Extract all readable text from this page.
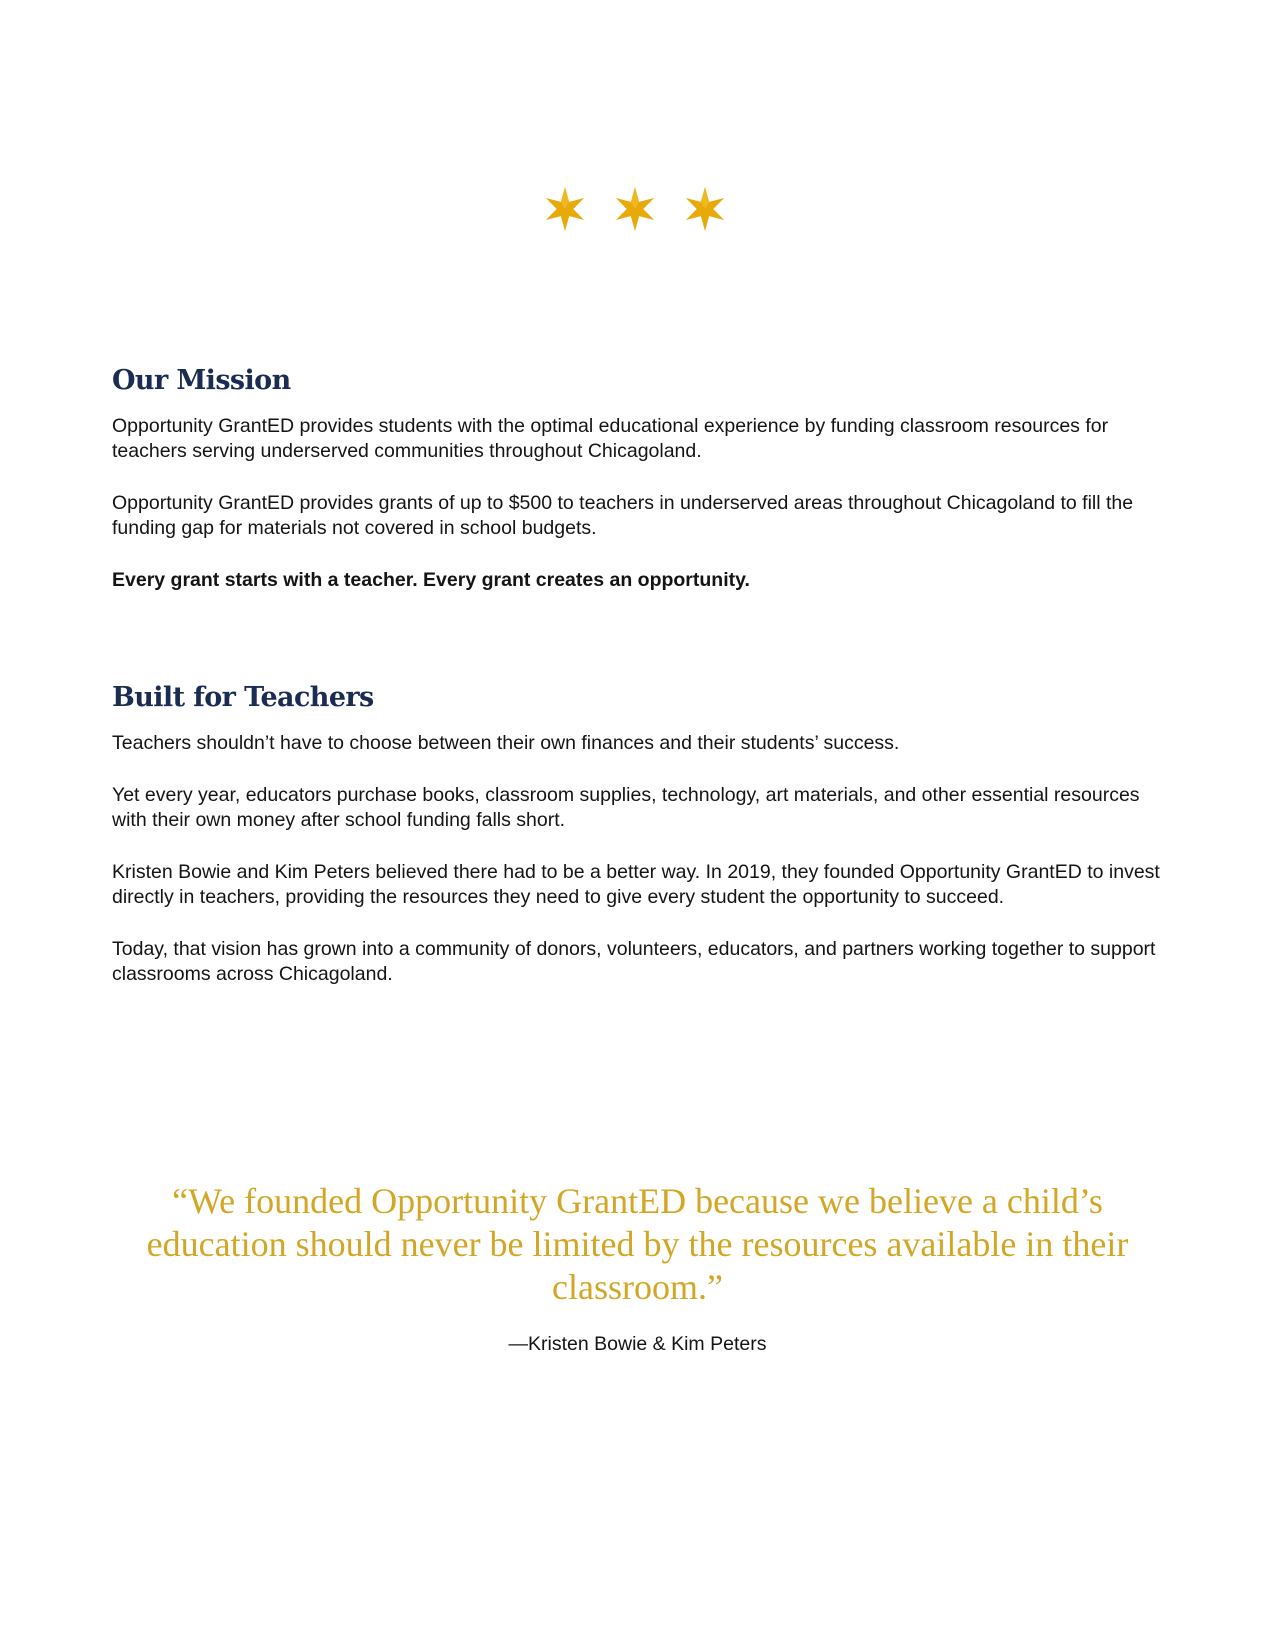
Our Mission

Opportunity GrantED provides students with the optimal educational experience by funding classroom resources for teachers serving underserved communities throughout Chicagoland.

Opportunity GrantED provides grants of up to $500 to teachers in underserved areas throughout Chicagoland to fill the funding gap for materials not covered in school budgets.

Every grant starts with a teacher. Every grant creates an opportunity.

Built for Teachers

Teachers shouldn’t have to choose between their own finances and their students’ success.

Yet every year, educators purchase books, classroom supplies, technology, art materials, and other essential resources with their own money after school funding falls short.

Kristen Bowie and Kim Peters believed there had to be a better way. In 2019, they founded Opportunity GrantED to invest directly in teachers, providing the resources they need to give every student the opportunity to succeed.

Today, that vision has grown into a community of donors, volunteers, educators, and partners working together to support classrooms across Chicagoland.

“We founded Opportunity GrantED because we believe a child’s education should never be limited by the resources available in their classroom.”
—Kristen Bowie & Kim Peters
